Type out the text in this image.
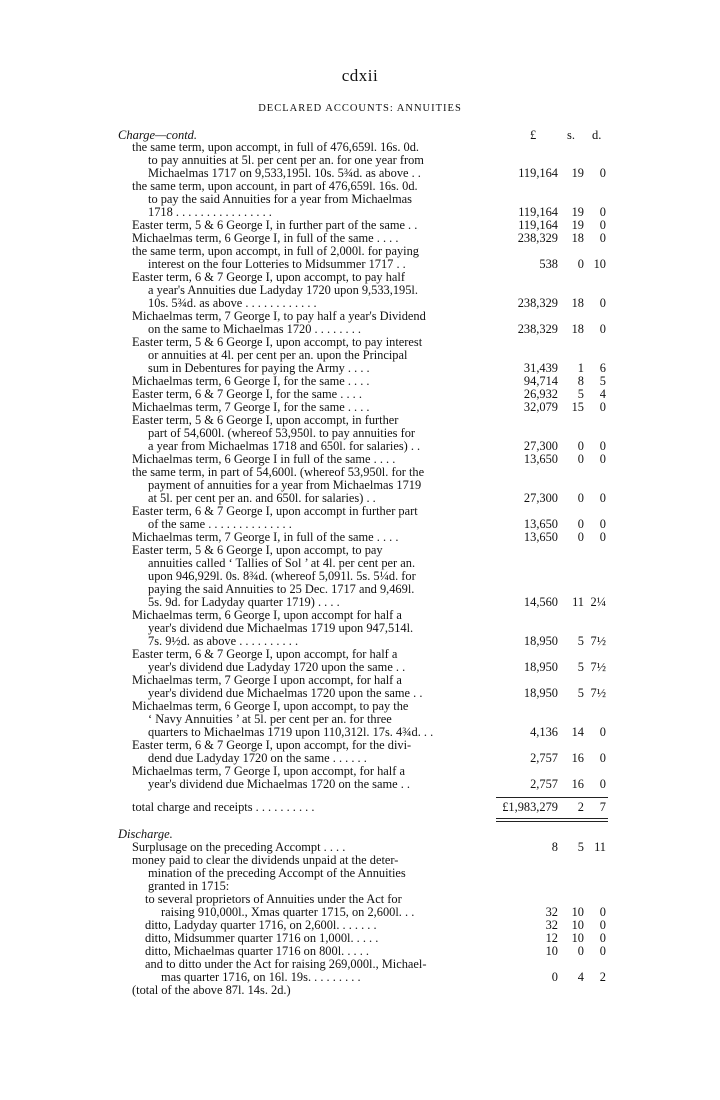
cdxii
DECLARED ACCOUNTS: ANNUITIES
Charge—contd.	£ s. d.
the same term, upon accompt, in full of 476,659l. 16s. 0d.
to pay annuities at 5l. per cent per an. for one year from
Michaelmas 1717 on 9,533,195l. 10s. 5¾d. as above . .	119,164	19	0
the same term, upon account, in part of 476,659l. 16s. 0d.
to pay the said Annuities for a year from Michaelmas
1718 . . . . . . . . . . . . . . . .	119,164	19	0
Easter term, 5 & 6 George I, in further part of the same . .	119,164	19	0
Michaelmas term, 6 George I, in full of the same . . . .	238,329	18	0
the same term, upon accompt, in full of 2,000l. for paying
interest on the four Lotteries to Midsummer 1717 . .	538	0 10
Easter term, 6 & 7 George I, upon accompt, to pay half
a year's Annuities due Ladyday 1720 upon 9,533,195l.
10s. 5¾d. as above . . . . . . . . . . . .	238,329	18	0
Michaelmas term, 7 George I, to pay half a year's Dividend
on the same to Michaelmas 1720 . . . . . . . .	238,329	18	0
Easter term, 5 & 6 George I, upon accompt, to pay interest
or annuities at 4l. per cent per an. upon the Principal
sum in Debentures for paying the Army . . . .	31,439	1	6
Michaelmas term, 6 George I, for the same . . . .	94,714	8	5
Easter term, 6 & 7 George I, for the same . . . .	26,932	5	4
Michaelmas term, 7 George I, for the same . . . .	32,079	15	0
Easter term, 5 & 6 George I, upon accompt, in further
part of 54,600l. (whereof 53,950l. to pay annuities for
a year from Michaelmas 1718 and 650l. for salaries) . .	27,300	0	0
Michaelmas term, 6 George I in full of the same . . . .	13,650	0	0
the same term, in part of 54,600l. (whereof 53,950l. for the
payment of annuities for a year from Michaelmas 1719
at 5l. per cent per an. and 650l. for salaries) . .	27,300	0	0
Easter term, 6 & 7 George I, upon accompt in further part
of the same . . . . . . . . . . . . . .	13,650	0	0
Michaelmas term, 7 George I, in full of the same . . . .	13,650	0	0
Easter term, 5 & 6 George I, upon accompt, to pay
annuities called ‘ Tallies of Sol ’ at 4l. per cent per an.
upon 946,929l. 0s. 8¾d. (whereof 5,091l. 5s. 5¼d. for
paying the said Annuities to 25 Dec. 1717 and 9,469l.
5s. 9d. for Ladyday quarter 1719) . . . .	14,560	11 2¼
Michaelmas term, 6 George I, upon accompt for half a
year's dividend due Michaelmas 1719 upon 947,514l.
7s. 9½d. as above . . . . . . . . . .	18,950	5 7½
Easter term, 6 & 7 George I, upon accompt, for half a
year's dividend due Ladyday 1720 upon the same . .	18,950	5 7½
Michaelmas term, 7 George I upon accompt, for half a
year's dividend due Michaelmas 1720 upon the same . .	18,950	5 7½
Michaelmas term, 6 George I, upon accompt, to pay the
‘ Navy Annuities ’ at 5l. per cent per an. for three
quarters to Michaelmas 1719 upon 110,312l. 17s. 4¾d. . .	4,136	14	0
Easter term, 6 & 7 George I, upon accompt, for the divi-
dend due Ladyday 1720 on the same . . . . . .	2,757	16	0
Michaelmas term, 7 George I, upon accompt, for half a
year's dividend due Michaelmas 1720 on the same . .	2,757	16	0
total charge and receipts . . . . . . . . . .	£1,983,279	2	7
Discharge.
Surplusage on the preceding Accompt . . . .	8	5 11
money paid to clear the dividends unpaid at the deter-
mination of the preceding Accompt of the Annuities
granted in 1715:
to several proprietors of Annuities under the Act for
raising 910,000l., Xmas quarter 1715, on 2,600l. . .	32	10	0
ditto, Ladyday quarter 1716, on 2,600l. . . . . . .	32	10	0
ditto, Midsummer quarter 1716 on 1,000l. . . . .	12	10	0
ditto, Michaelmas quarter 1716 on 800l. . . . .	10	0	0
and to ditto under the Act for raising 269,000l., Michael-
mas quarter 1716, on 16l. 19s. . . . . . . . .	0	4	2
(total of the above 87l. 14s. 2d.)
